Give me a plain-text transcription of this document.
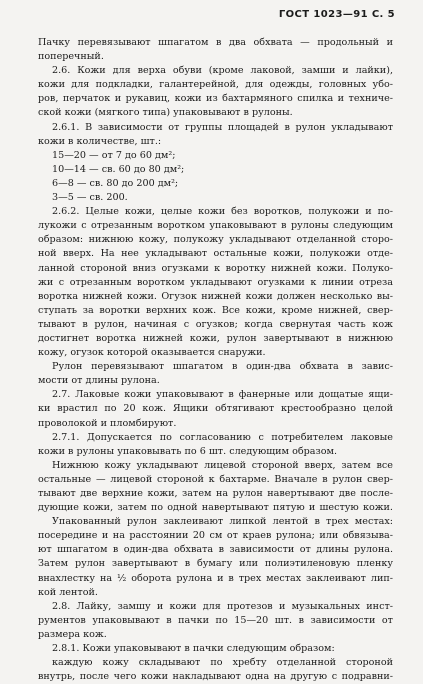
ГОСТ 1023—91 С. 5
Пачку перевязывают шпагатом в два обхвата — продольный и
поперечный.
2.6. Кожи для верха обуви (кроме лаковой, замши и лайки),
кожи для подкладки, галантерейной, для одежды, головных убо-
ров, перчаток и рукавиц, кожи из бахтармяного спилка и техниче-
ской кожи (мягкого типа) упаковывают в рулоны.
2.6.1. В зависимости от группы площадей в рулон укладывают
кожи в количестве, шт.:
15—20 — от 7 до 60 дм²;
10—14 — св. 60 до 80 дм²;
6—8 — св. 80 до 200 дм²;
3—5 — св. 200.
2.6.2. Целые кожи, целые кожи без воротков, полукожи и по-
лукожи с отрезанным воротком упаковывают в рулоны следующим
образом: нижнюю кожу, полукожу укладывают отделанной сторо-
ной вверх. На нее укладывают остальные кожи, полукожи отде-
ланной стороной вниз огузками к воротку нижней кожи. Полуко-
жи с отрезанным воротком укладывают огузками к линии отреза
воротка нижней кожи. Огузок нижней кожи должен несколько вы-
ступать за воротки верхних кож. Все кожи, кроме нижней, свер-
тывают в рулон, начиная с огузков; когда свернутая часть кож
достигнет воротка нижней кожи, рулон завертывают в нижнюю
кожу, огузок которой оказывается снаружи.
Рулон перевязывают шпагатом в один-два обхвата в завис-
мости от длины рулона.
2.7. Лаковые кожи упаковывают в фанерные или дощатые ящи-
ки врастил по 20 кож. Ящики обтягивают крестообразно целой
проволокой и пломбируют.
2.7.1. Допускается по согласованию с потребителем лаковые
кожи в рулоны упаковывать по 6 шт. следующим образом.
Нижнюю кожу укладывают лицевой стороной вверх, затем все
остальные — лицевой стороной к бахтарме. Вначале в рулон свер-
тывают две верхние кожи, затем на рулон навертывают две после-
дующие кожи, затем по одной навертывают пятую и шестую кожи.
Упакованный рулон заклеивают липкой лентой в трех местах:
посередине и на расстоянии 20 см от краев рулона; или обвязыва-
ют шпагатом в один-два обхвата в зависимости от длины рулона.
Затем рулон завертывают в бумагу или полиэтиленовую пленку
внахлестку на ½ оборота рулона и в трех местах заклеивают лип-
кой лентой.
2.8. Лайку, замшу и кожи для протезов и музыкальных инст-
рументов упаковывают в пачки по 15—20 шт. в зависимости от
размера кож.
2.8.1. Кожи упаковывают в пачки следующим образом:
каждую кожу складывают по хребту отделанной стороной
внутрь, после чего кожи накладывают одна на другую с подравни-
